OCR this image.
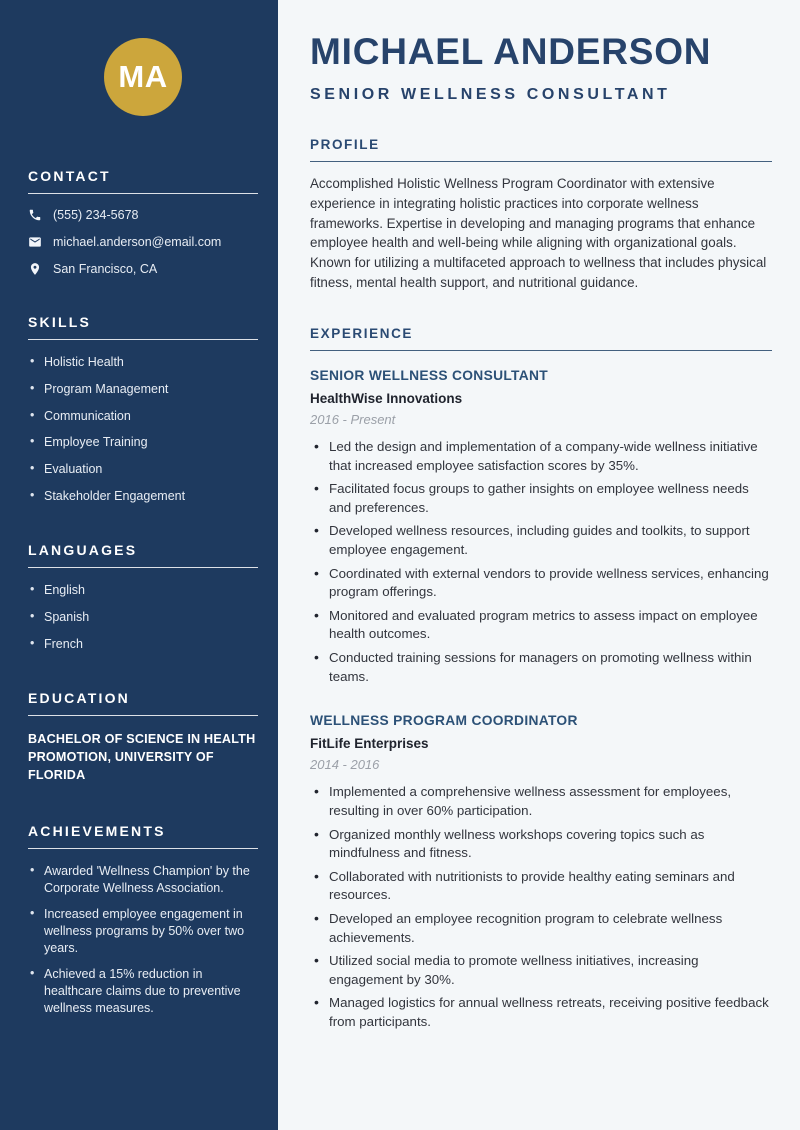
MA
CONTACT
(555) 234-5678
michael.anderson@email.com
San Francisco, CA
SKILLS
• Holistic Health
• Program Management
• Communication
• Employee Training
• Evaluation
• Stakeholder Engagement
LANGUAGES
• English
• Spanish
• French
EDUCATION
BACHELOR OF SCIENCE IN HEALTH PROMOTION, UNIVERSITY OF FLORIDA
ACHIEVEMENTS
• Awarded 'Wellness Champion' by the Corporate Wellness Association.
• Increased employee engagement in wellness programs by 50% over two years.
• Achieved a 15% reduction in healthcare claims due to preventive wellness measures.
MICHAEL ANDERSON
SENIOR WELLNESS CONSULTANT
PROFILE

Accomplished Holistic Wellness Program Coordinator with extensive experience in integrating holistic practices into corporate wellness frameworks. Expertise in developing and managing programs that enhance employee health and well-being while aligning with organizational goals. Known for utilizing a multifaceted approach to wellness that includes physical fitness, mental health support, and nutritional guidance.

EXPERIENCE
SENIOR WELLNESS CONSULTANT
HealthWise Innovations
2016 - Present
• Led the design and implementation of a company-wide wellness initiative that increased employee satisfaction scores by 35%.
• Facilitated focus groups to gather insights on employee wellness needs and preferences.
• Developed wellness resources, including guides and toolkits, to support employee engagement.
• Coordinated with external vendors to provide wellness services, enhancing program offerings.
• Monitored and evaluated program metrics to assess impact on employee health outcomes.
• Conducted training sessions for managers on promoting wellness within teams.
WELLNESS PROGRAM COORDINATOR
FitLife Enterprises
2014 - 2016
• Implemented a comprehensive wellness assessment for employees, resulting in over 60% participation.
• Organized monthly wellness workshops covering topics such as mindfulness and fitness.
• Collaborated with nutritionists to provide healthy eating seminars and resources.
• Developed an employee recognition program to celebrate wellness achievements.
• Utilized social media to promote wellness initiatives, increasing engagement by 30%.
• Managed logistics for annual wellness retreats, receiving positive feedback from participants.
